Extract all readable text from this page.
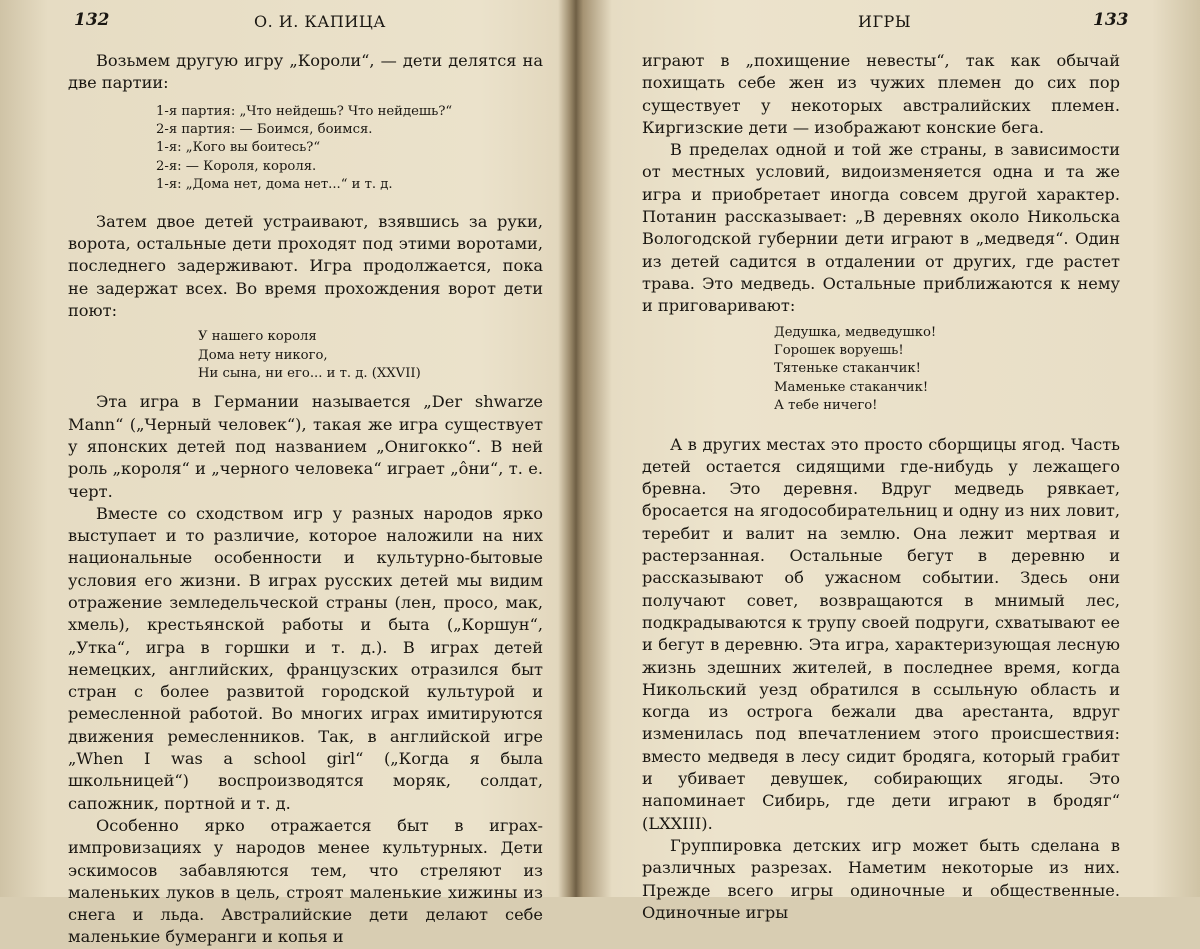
132	О. И. КАПИЦА

Возьмем другую игру „Короли“, — дети делятся на две партии:

1-я партия: „Что нейдешь? Что нейдешь?“
2-я партия: — Боимся, боимся.
1-я: „Кого вы боитесь?“
2-я: — Короля, короля.
1-я: „Дома нет, дома нет...“ и т. д.

Затем двое детей устраивают, взявшись за руки, ворота, остальные дети проходят под этими воротами, последнего задерживают. Игра продолжается, пока не задержат всех. Во время прохождения ворот дети поют:

У нашего короля
Дома нету никого,
Ни сына, ни его... и т. д. (XXVII)

Эта игра в Германии называется „Der shwarze Mann“ („Черный человек“), такая же игра существует у японских детей под названием „Онигокко“. В ней роль „короля“ и „черного человека“ играет „о̂ни“, т. е. черт.

Вместе со сходством игр у разных народов ярко выступает и то различие, которое наложили на них национальные особенности и культурно-бытовые условия его жизни. В играх русских детей мы видим отражение земледельческой страны (лен, просо, мак, хмель), крестьянской работы и быта („Коршун“, „Утка“, игра в горшки и т. д.). В играх детей немецких, английских, французских отразился быт стран с более развитой городской культурой и ремесленной работой. Во многих играх имитируются движения ремесленников. Так, в английской игре „When I was a school girl“ („Когда я была школьницей“) воспроизводятся моряк, солдат, сапожник, портной и т. д.

Особенно ярко отражается быт в играх-импровизациях у народов менее культурных. Дети эскимосов забавляются тем, что стреляют из маленьких луков в цель, строят маленькие хижины из снега и льда. Австралийские дети делают себе маленькие бумеранги и копья и

ИГРЫ	133

играют в „похищение невесты“, так как обычай похищать себе жен из чужих племен до сих пор существует у некоторых австралийских племен. Киргизские дети — изображают конские бега.

В пределах одной и той же страны, в зависимости от местных условий, видоизменяется одна и та же игра и приобретает иногда совсем другой характер. Потанин рассказывает: „В деревнях около Никольска Вологодской губернии дети играют в „медведя“. Один из детей садится в отдалении от других, где растет трава. Это медведь. Остальные приближаются к нему и приговаривают:

Дедушка, медведушко!
Горошек воруешь!
Тятеньке стаканчик!
Маменьке стаканчик!
А тебе ничего!

А в других местах это просто сборщицы ягод. Часть детей остается сидящими где-нибудь у лежащего бревна. Это деревня. Вдруг медведь рявкает, бросается на ягодособирательниц и одну из них ловит, теребит и валит на землю. Она лежит мертвая и растерзанная. Остальные бегут в деревню и рассказывают об ужасном событии. Здесь они получают совет, возвращаются в мнимый лес, подкрадываются к трупу своей подруги, схватывают ее и бегут в деревню. Эта игра, характеризующая лесную жизнь здешних жителей, в последнее время, когда Никольский уезд обратился в ссыльную область и когда из острога бежали два арестанта, вдруг изменилась под впечатлением этого происшествия: вместо медведя в лесу сидит бродяга, который грабит и убивает девушек, собирающих ягоды. Это напоминает Сибирь, где дети играют в бродяг“ (LXXIII).

Группировка детских игр может быть сделана в различных разрезах. Наметим некоторые из них. Прежде всего игры одиночные и общественные. Одиночные игры
